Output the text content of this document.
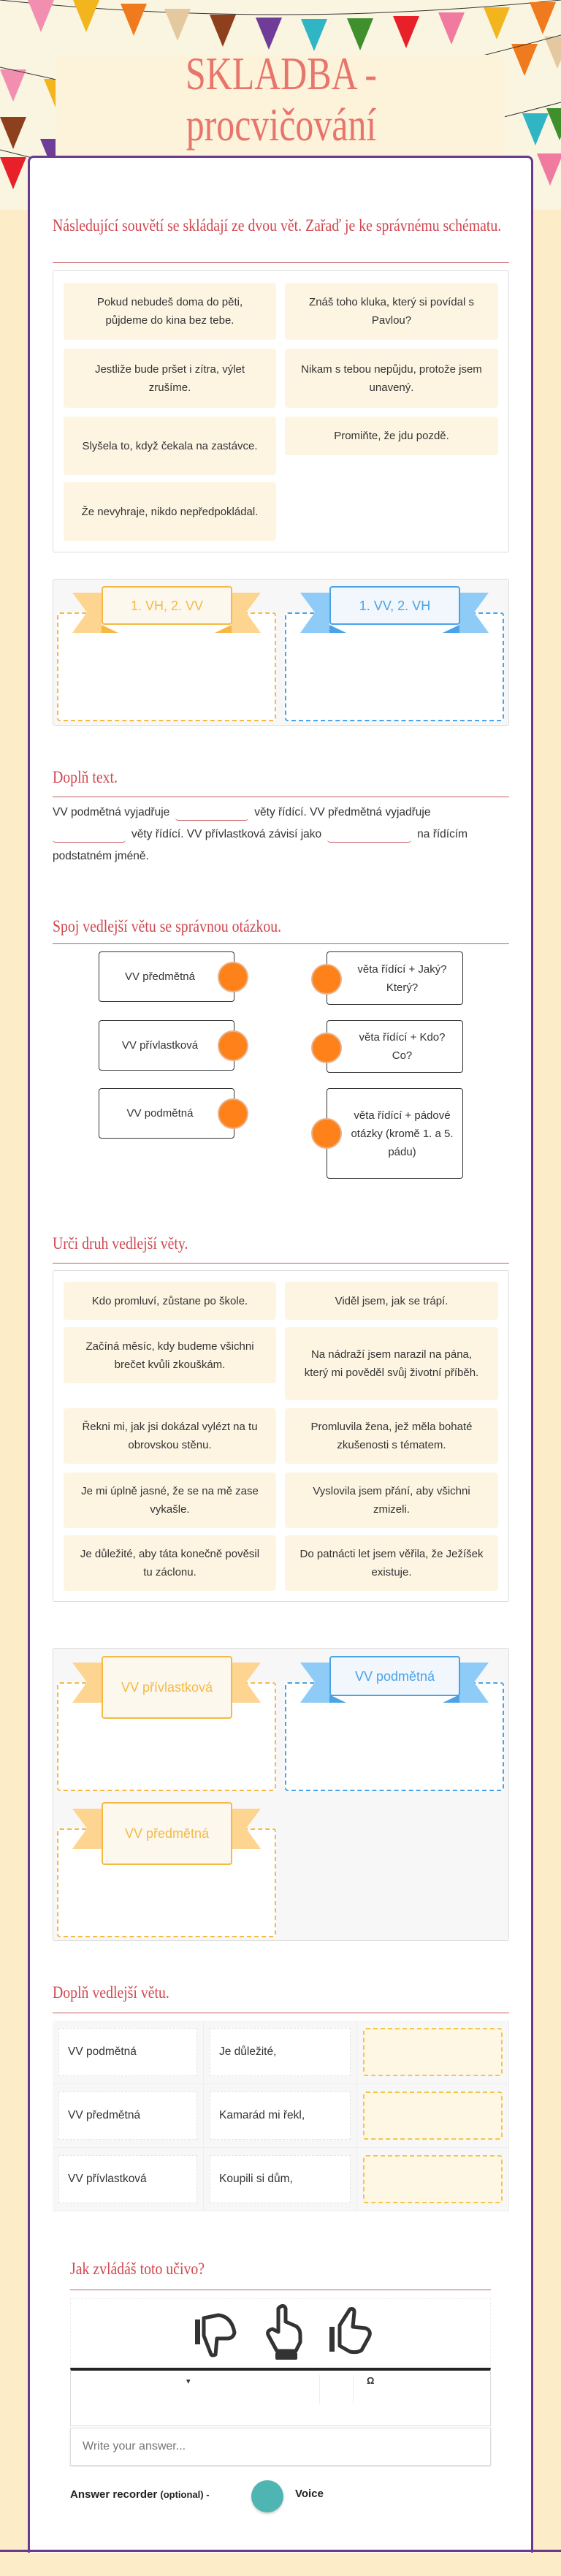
SKLADBA - procvičování
Následující souvětí se skládají ze dvou vět. Zařaď je ke správnému schématu.
Pokud nebudeš doma do pěti, půjdeme do kina bez tebe.
Jestliže bude pršet i zítra, výlet zrušíme.
Slyšela to, když čekala na zastávce.
Že nevyhraje, nikdo nepředpokládal.
Znáš toho kluka, který si povídal s Pavlou?
Nikam s tebou nepůjdu, protože jsem unavený.
Promiňte, že jdu pozdě.
1. VH, 2. VV	1. VV, 2. VH
Doplň text.
VV podmětná vyjadřuje	věty řídící. VV předmětná vyjadřuje věty řídící. VV přívlastková závisí jako	na řídícím podstatném jméně.
Spoj vedlejší větu se správnou otázkou.
VV předmětná
VV přívlastková
VV podmětná
věta řídící + Jaký? Který?
věta řídící + Kdo? Co?
věta řídící + pádové otázky (kromě 1. a 5. pádu)
Urči druh vedlejší věty.
Kdo promluví, zůstane po škole.
Začíná měsíc, kdy budeme všichni brečet kvůli zkouškám.
Řekni mi, jak jsi dokázal vylézt na tu obrovskou stěnu.
Je mi úplně jasné, že se na mě zase vykašle.
Je důležité, aby táta konečně pověsil tu záclonu.
Viděl jsem, jak se trápí.
Na nádraží jsem narazil na pána, který mi pověděl svůj životní příběh.
Promluvila žena, jež měla bohaté zkušenosti s tématem.
Vyslovila jsem přání, aby všichni zmizeli.
Do patnácti let jsem věřila, že Ježíšek existuje.
VV přívlastková
VV podmětná
VV předmětná
Doplň vedlejší větu.
VV podmětná	Je důležité,
VV předmětná	Kamarád mi řekl,
VV přívlastková	Koupili si dům,
Jak zvládáš toto učivo?
▾	Ω
Write your answer...
Answer recorder (optional) -	Voice
